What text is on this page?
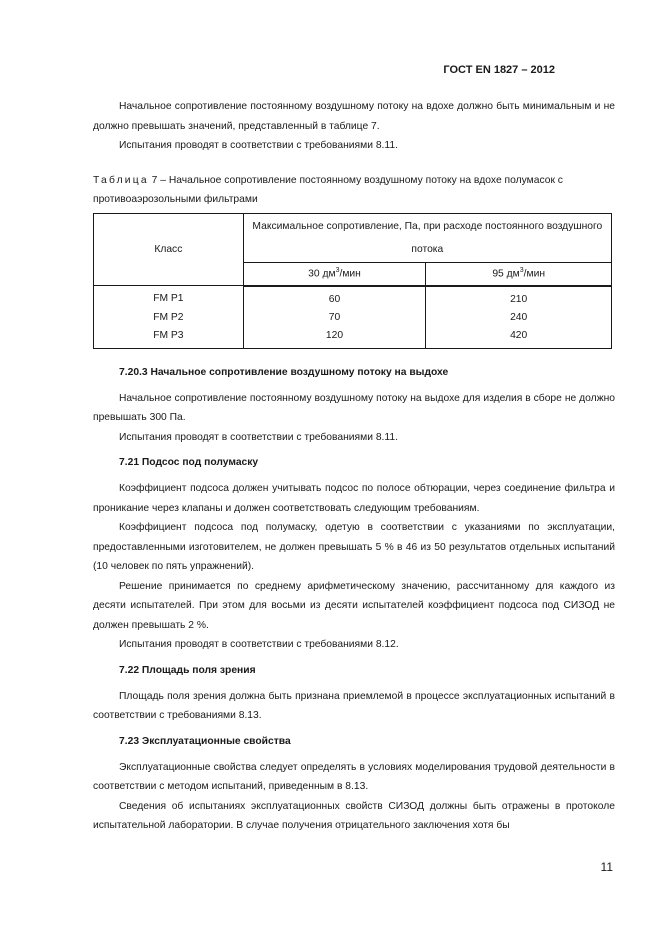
ГОСТ EN 1827 – 2012

Начальное сопротивление постоянному воздушному потоку на вдохе должно быть минимальным и не должно превышать значений, представленный в таблице 7.

Испытания проводят в соответствии с требованиями 8.11.

Таблица 7 – Начальное сопротивление постоянному воздушному потоку на вдохе полумасок с противоаэрозольными фильтрами

Класс	Максимальное сопротивление, Па, при расходе постоянного воздушного потока	
	30 $дм^3$/мин	95 $дм^3$/мин
FM P1	60	210
FM P2	70	240
FM P3	120	420
7.20.3 Начальное сопротивление воздушному потоку на выдохе

Начальное сопротивление постоянному воздушному потоку на выдохе для изделия в сборе не должно превышать 300 Па.

Испытания проводят в соответствии с требованиями 8.11.

7.21 Подсос под полумаску

Коэффициент подсоса должен учитывать подсос по полосе обтюрации, через соединение фильтра и проникание через клапаны и должен соответствовать следующим требованиям.

Коэффициент подсоса под полумаску, одетую в соответствии с указаниями по эксплуатации, предоставленными изготовителем, не должен превышать 5 % в 46 из 50 результатов отдельных испытаний (10 человек по пять упражнений).

Решение принимается по среднему арифметическому значению, рассчитанному для каждого из десяти испытателей. При этом для восьми из десяти испытателей коэффициент подсоса под СИЗОД не должен превышать 2 %.

Испытания проводят в соответствии с требованиями 8.12.

7.22 Площадь поля зрения

Площадь поля зрения должна быть признана приемлемой в процессе эксплуатационных испытаний в соответствии с требованиями 8.13.

7.23 Эксплуатационные свойства

Эксплуатационные свойства следует определять в условиях моделирования трудовой деятельности в соответствии с методом испытаний, приведенным в 8.13.

Сведения об испытаниях эксплуатационных свойств СИЗОД должны быть отражены в протоколе испытательной лаборатории. В случае получения отрицательного заключения хотя бы

11
